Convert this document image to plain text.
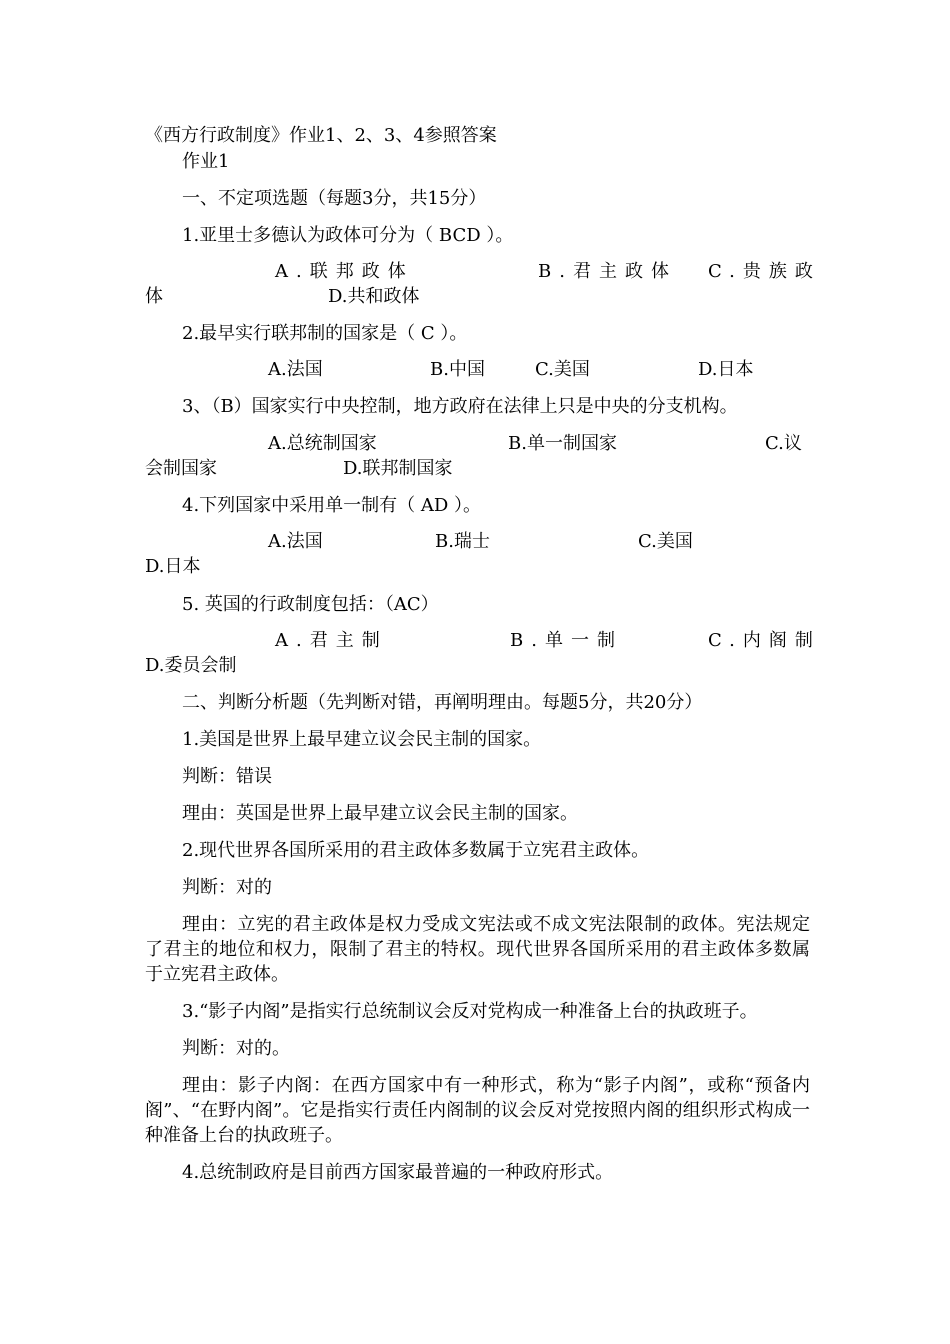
《西方行政制度》作业1、2、3、4参照答案
作业1
一、不定项选题（每题3分，共15分）
1.亚里士多德认为政体可分为（ BCD ）。
A.联邦政体	B.君主政体 C.贵族政
体	D.共和政体
2.最早实行联邦制的国家是（ C ）。
A.法国	B.中国	C.美国	D.日本
3、（B）国家实行中央控制，地方政府在法律上只是中央的分支机构。
A.总统制国家	B.单一制国家	C.议
会制国家	D.联邦制国家
4.下列国家中采用单一制有（ AD ）。
A.法国	B.瑞士	C.美国
D.日本
5. 英国的行政制度包括：（AC）
A.君主制	B.单一制	C.内阁制
D.委员会制
二、判断分析题（先判断对错，再阐明理由。每题5分，共20分）
1.美国是世界上最早建立议会民主制的国家。
判断：错误
理由：英国是世界上最早建立议会民主制的国家。
2.现代世界各国所采用的君主政体多数属于立宪君主政体。
判断：对的
理由：立宪的君主政体是权力受成文宪法或不成文宪法限制的政体。宪法规定了君主的地位和权力，限制了君主的特权。现代世界各国所采用的君主政体多数属于立宪君主政体。
3.“影子内阁”是指实行总统制议会反对党构成一种准备上台的执政班子。
判断：对的。
理由：影子内阁：在西方国家中有一种形式，称为“影子内阁”，或称“预备内阁”、“在野内阁”。它是指实行责任内阁制的议会反对党按照内阁的组织形式构成一种准备上台的执政班子。
4.总统制政府是目前西方国家最普遍的一种政府形式。
